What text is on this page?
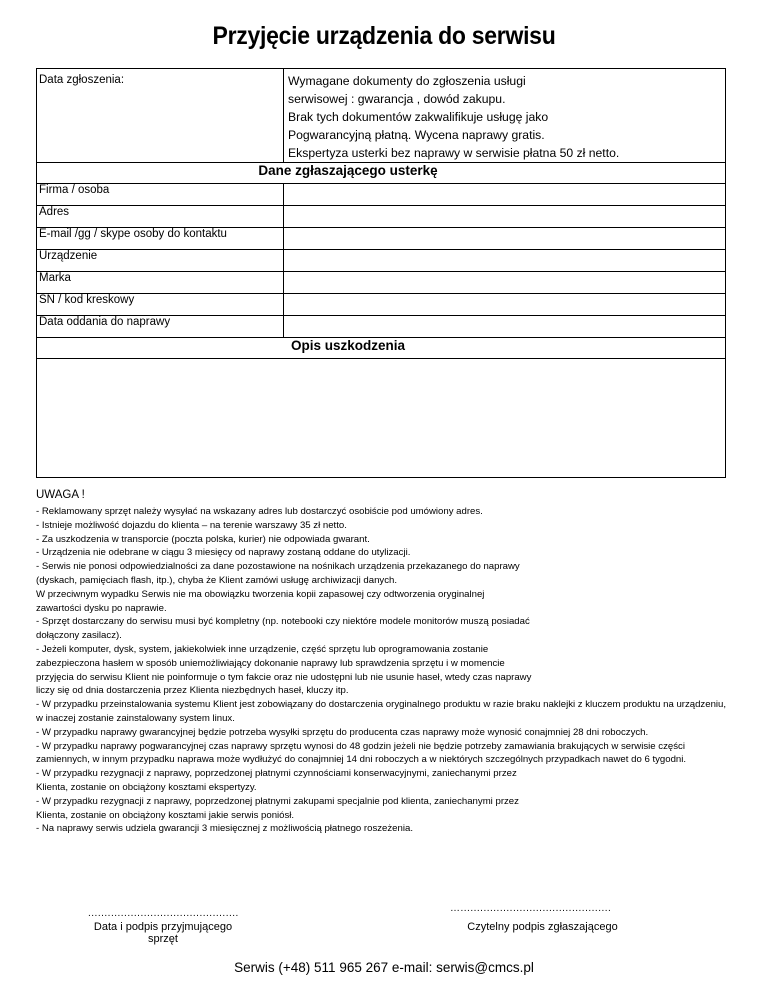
Przyjęcie urządzenia do serwisu
Data zgłoszenia:	Wymagane dokumenty do zgłoszenia usługi
serwisowej : gwarancja , dowód zakupu.
Brak tych dokumentów zakwalifikuje usługę jako
Pogwarancyjną płatną. Wycena naprawy gratis.
Ekspertyza usterki bez naprawy w serwisie płatna 50 zł netto.

Dane zgłaszającego usterkę	
Firma / osoba	
Adres	
E-mail /gg / skype osoby do kontaktu	
Urządzenie	
Marka	
SN / kod kreskowy	
Data oddania do naprawy	
Opis uszkodzenia	

UWAGA !
- Reklamowany sprzęt należy wysyłać na wskazany adres lub dostarczyć osobiście pod umówiony adres.
- Istnieje możliwość dojazdu do klienta – na terenie warszawy 35 zł netto.
- Za uszkodzenia w transporcie (poczta polska, kurier) nie odpowiada gwarant.
- Urządzenia nie odebrane w ciągu 3 miesięcy od naprawy zostaną oddane do utylizacji.
- Serwis nie ponosi odpowiedzialności za dane pozostawione na nośnikach urządzenia przekazanego do naprawy
(dyskach, pamięciach flash, itp.), chyba że Klient zamówi usługę archiwizacji danych.
W przeciwnym wypadku Serwis nie ma obowiązku tworzenia kopii zapasowej czy odtworzenia oryginalnej
zawartości dysku po naprawie.
- Sprzęt dostarczany do serwisu musi być kompletny (np. notebooki czy niektóre modele monitorów muszą posiadać
dołączony zasilacz).
- Jeżeli komputer, dysk, system, jakiekolwiek inne urządzenie, część sprzętu lub oprogramowania zostanie
zabezpieczona hasłem w sposób uniemożliwiający dokonanie naprawy lub sprawdzenia sprzętu i w momencie
przyjęcia do serwisu Klient nie poinformuje o tym fakcie oraz nie udostępni lub nie usunie haseł, wtedy czas naprawy
liczy się od dnia dostarczenia przez Klienta niezbędnych haseł, kluczy itp.
- W przypadku przeinstalowania systemu Klient jest zobowiązany do dostarczenia oryginalnego produktu w razie braku naklejki z kluczem produktu na urządzeniu,
w inaczej zostanie zainstalowany system linux.
- W przypadku naprawy gwarancyjnej będzie potrzeba wysyłki sprzętu do producenta czas naprawy może wynosić conajmniej 28 dni roboczych.
- W przypadku naprawy pogwarancyjnej czas naprawy sprzętu wynosi do 48 godzin jeżeli nie będzie potrzeby zamawiania brakujących w serwisie części
zamiennych, w innym przypadku naprawa może wydłużyć do conajmniej 14 dni roboczych a w niektórych szczególnych przypadkach nawet do 6 tygodni.
- W przypadku rezygnacji z naprawy, poprzedzonej płatnymi czynnościami konserwacyjnymi, zaniechanymi przez
Klienta, zostanie on obciążony kosztami ekspertyzy.
- W przypadku rezygnacji z naprawy, poprzedzonej płatnymi zakupami specjalnie pod klienta, zaniechanymi przez
Klienta, zostanie on obciążony kosztami jakie serwis poniósł.
- Na naprawy serwis udziela gwarancji 3 miesięcznej z możliwością płatnego roszeżenia.
..............................................
Data i podpis przyjmującego sprzęt
…..............................................
Czytelny podpis zgłaszającego
Serwis (+48) 511 965 267 e-mail: serwis@cmcs.pl
